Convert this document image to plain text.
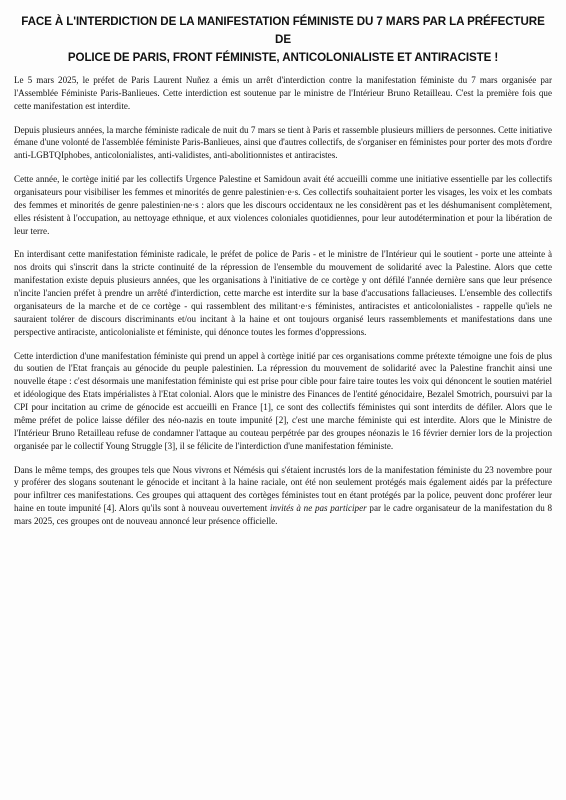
FACE À L'INTERDICTION DE LA MANIFESTATION FÉMINISTE DU 7 MARS PAR LA PRÉFECTURE DE
POLICE DE PARIS, FRONT FÉMINISTE, ANTICOLONIALISTE ET ANTIRACISTE !

Le 5 mars 2025, le préfet de Paris Laurent Nuñez a émis un arrêt d'interdiction contre la manifestation féministe du 7 mars organisée par l'Assemblée Féministe Paris-Banlieues. Cette interdiction est soutenue par le ministre de l'Intérieur Bruno Retailleau. C'est la première fois que cette manifestation est interdite.

Depuis plusieurs années, la marche féministe radicale de nuit du 7 mars se tient à Paris et rassemble plusieurs milliers de personnes. Cette initiative émane d'une volonté de l'assemblée féministe Paris-Banlieues, ainsi que d'autres collectifs, de s'organiser en féministes pour porter des mots d'ordre anti-LGBTQIphobes, anticolonialistes, anti-validistes, anti-abolitionnistes et antiracistes.

Cette année, le cortège initié par les collectifs Urgence Palestine et Samidoun avait été accueilli comme une initiative essentielle par les collectifs organisateurs pour visibiliser les femmes et minorités de genre palestinien·e·s. Ces collectifs souhaitaient porter les visages, les voix et les combats des femmes et minorités de genre palestinien·ne·s : alors que les discours occidentaux ne les considèrent pas et les déshumanisent complètement, elles résistent à l'occupation, au nettoyage ethnique, et aux violences coloniales quotidiennes, pour leur autodétermination et pour la libération de leur terre.

En interdisant cette manifestation féministe radicale, le préfet de police de Paris - et le ministre de l'Intérieur qui le soutient - porte une atteinte à nos droits qui s'inscrit dans la stricte continuité de la répression de l'ensemble du mouvement de solidarité avec la Palestine. Alors que cette manifestation existe depuis plusieurs années, que les organisations à l'initiative de ce cortège y ont défilé l'année dernière sans que leur présence n'incite l'ancien préfet à prendre un arrêté d'interdiction, cette marche est interdite sur la base d'accusations fallacieuses. L'ensemble des collectifs organisateurs de la marche et de ce cortège - qui rassemblent des militant·e·s féministes, antiracistes et anticolonialistes - rappelle qu'iels ne sauraient tolérer de discours discriminants et/ou incitant à la haine et ont toujours organisé leurs rassemblements et manifestations dans une perspective antiraciste, anticolonialiste et féministe, qui dénonce toutes les formes d'oppressions.

Cette interdiction d'une manifestation féministe qui prend un appel à cortège initié par ces organisations comme prétexte témoigne une fois de plus du soutien de l'Etat français au génocide du peuple palestinien. La répression du mouvement de solidarité avec la Palestine franchit ainsi une nouvelle étape : c'est désormais une manifestation féministe qui est prise pour cible pour faire taire toutes les voix qui dénoncent le soutien matériel et idéologique des Etats impérialistes à l'Etat colonial. Alors que le ministre des Finances de l'entité génocidaire, Bezalel Smotrich, poursuivi par la CPI pour incitation au crime de génocide est accueilli en France [1], ce sont des collectifs féministes qui sont interdits de défiler. Alors que le même préfet de police laisse défiler des néo-nazis en toute impunité [2], c'est une marche féministe qui est interdite. Alors que le Ministre de l'Intérieur Bruno Retailleau refuse de condamner l'attaque au couteau perpétrée par des groupes néonazis le 16 février dernier lors de la projection organisée par le collectif Young Struggle [3], il se félicite de l'interdiction d'une manifestation féministe.

Dans le même temps, des groupes tels que Nous vivrons et Némésis qui s'étaient incrustés lors de la manifestation féministe du 23 novembre pour y proférer des slogans soutenant le génocide et incitant à la haine raciale, ont été non seulement protégés mais également aidés par la préfecture pour infiltrer ces manifestations. Ces groupes qui attaquent des cortèges féministes tout en étant protégés par la police, peuvent donc proférer leur haine en toute impunité [4]. Alors qu'ils sont à nouveau ouvertement invités à ne pas participer par le cadre organisateur de la manifestation du 8 mars 2025, ces groupes ont de nouveau annoncé leur présence officielle.
